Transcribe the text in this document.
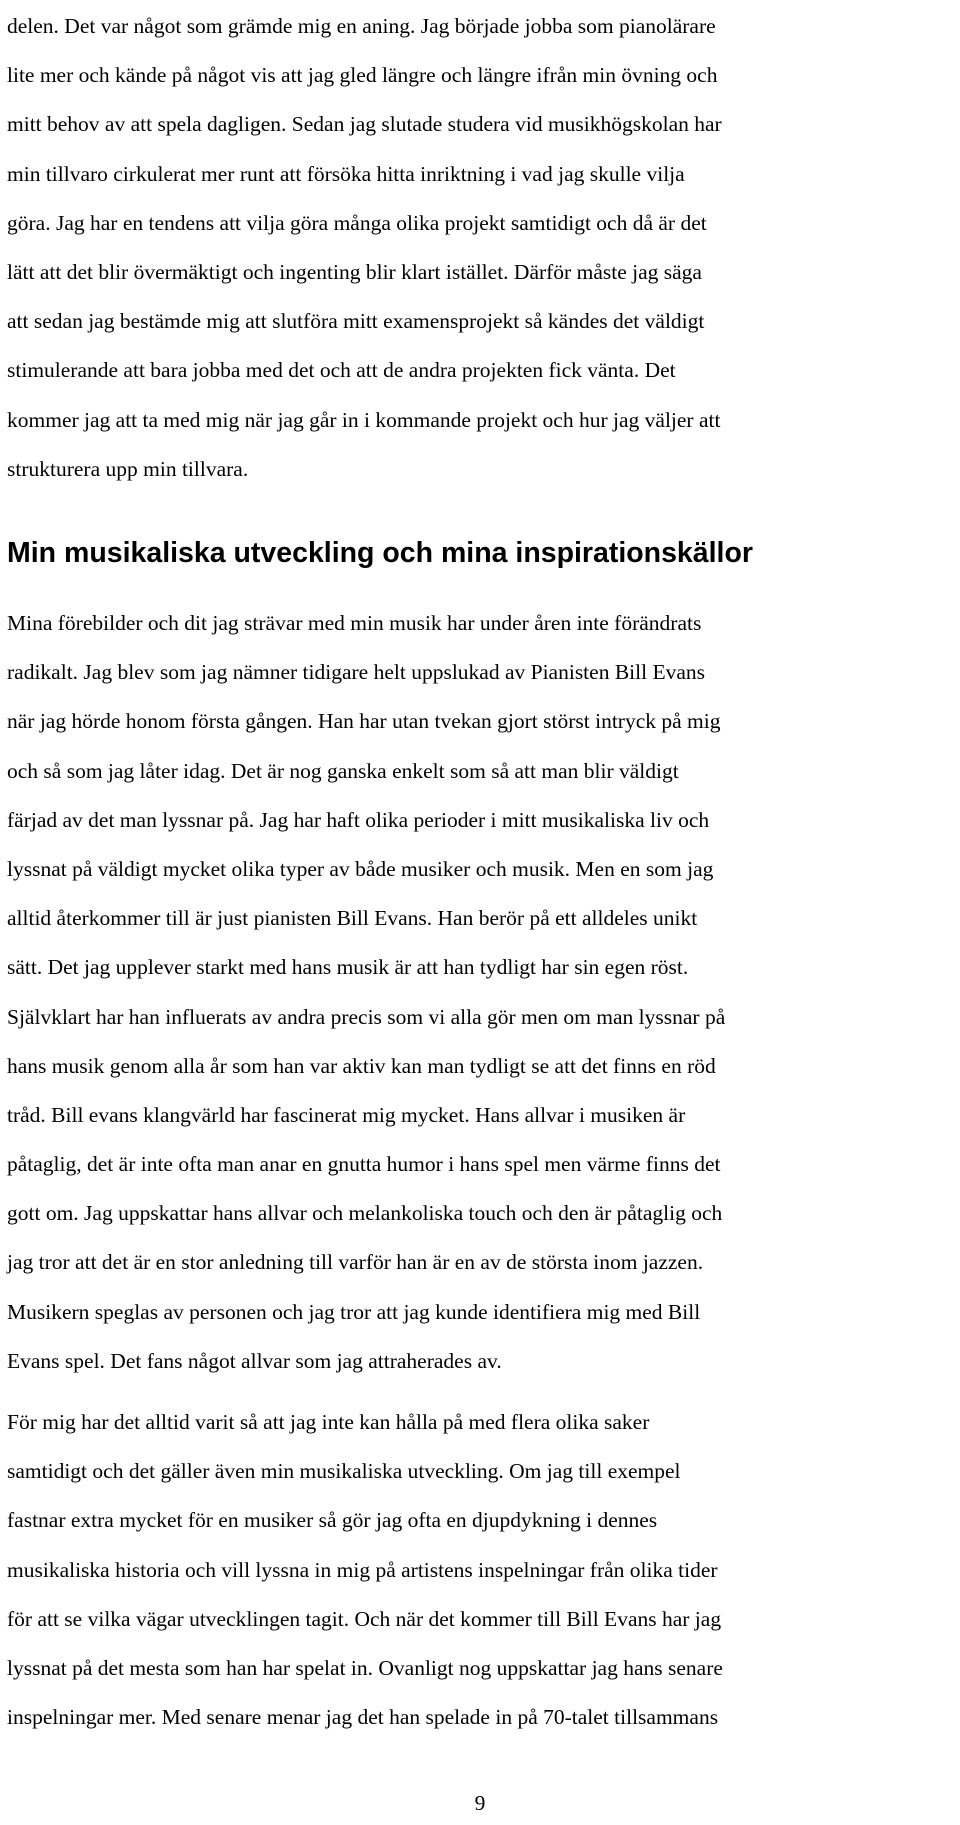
delen. Det var något som grämde mig en aning. Jag började jobba som pianolärare
lite mer och kände på något vis att jag gled längre och längre ifrån min övning och
mitt behov av att spela dagligen. Sedan jag slutade studera vid musikhögskolan har
min tillvaro cirkulerat mer runt att försöka hitta inriktning i vad jag skulle vilja
göra. Jag har en tendens att vilja göra många olika projekt samtidigt och då är det
lätt att det blir övermäktigt och ingenting blir klart istället. Därför måste jag säga
att sedan jag bestämde mig att slutföra mitt examensprojekt så kändes det väldigt
stimulerande att bara jobba med det och att de andra projekten fick vänta. Det
kommer jag att ta med mig när jag går in i kommande projekt och hur jag väljer att
strukturera upp min tillvara.
Min musikaliska utveckling och mina inspirationskällor
Mina förebilder och dit jag strävar med min musik har under åren inte förändrats
radikalt. Jag blev som jag nämner tidigare helt uppslukad av Pianisten Bill Evans
när jag hörde honom första gången. Han har utan tvekan gjort störst intryck på mig
och så som jag låter idag. Det är nog ganska enkelt som så att man blir väldigt
färjad av det man lyssnar på. Jag har haft olika perioder i mitt musikaliska liv och
lyssnat på väldigt mycket olika typer av både musiker och musik. Men en som jag
alltid återkommer till är just pianisten Bill Evans. Han berör på ett alldeles unikt
sätt. Det jag upplever starkt med hans musik är att han tydligt har sin egen röst.
Självklart har han influerats av andra precis som vi alla gör men om man lyssnar på
hans musik genom alla år som han var aktiv kan man tydligt se att det finns en röd
tråd. Bill evans klangvärld har fascinerat mig mycket. Hans allvar i musiken är
påtaglig, det är inte ofta man anar en gnutta humor i hans spel men värme finns det
gott om. Jag uppskattar hans allvar och melankoliska touch och den är påtaglig och
jag tror att det är en stor anledning till varför han är en av de största inom jazzen.
Musikern speglas av personen och jag tror att jag kunde identifiera mig med Bill
Evans spel. Det fans något allvar som jag attraherades av.
För mig har det alltid varit så att jag inte kan hålla på med flera olika saker
samtidigt och det gäller även min musikaliska utveckling. Om jag till exempel
fastnar extra mycket för en musiker så gör jag ofta en djupdykning i dennes
musikaliska historia och vill lyssna in mig på artistens inspelningar från olika tider
för att se vilka vägar utvecklingen tagit. Och när det kommer till Bill Evans har jag
lyssnat på det mesta som han har spelat in. Ovanligt nog uppskattar jag hans senare
inspelningar mer. Med senare menar jag det han spelade in på 70-talet tillsammans
9
